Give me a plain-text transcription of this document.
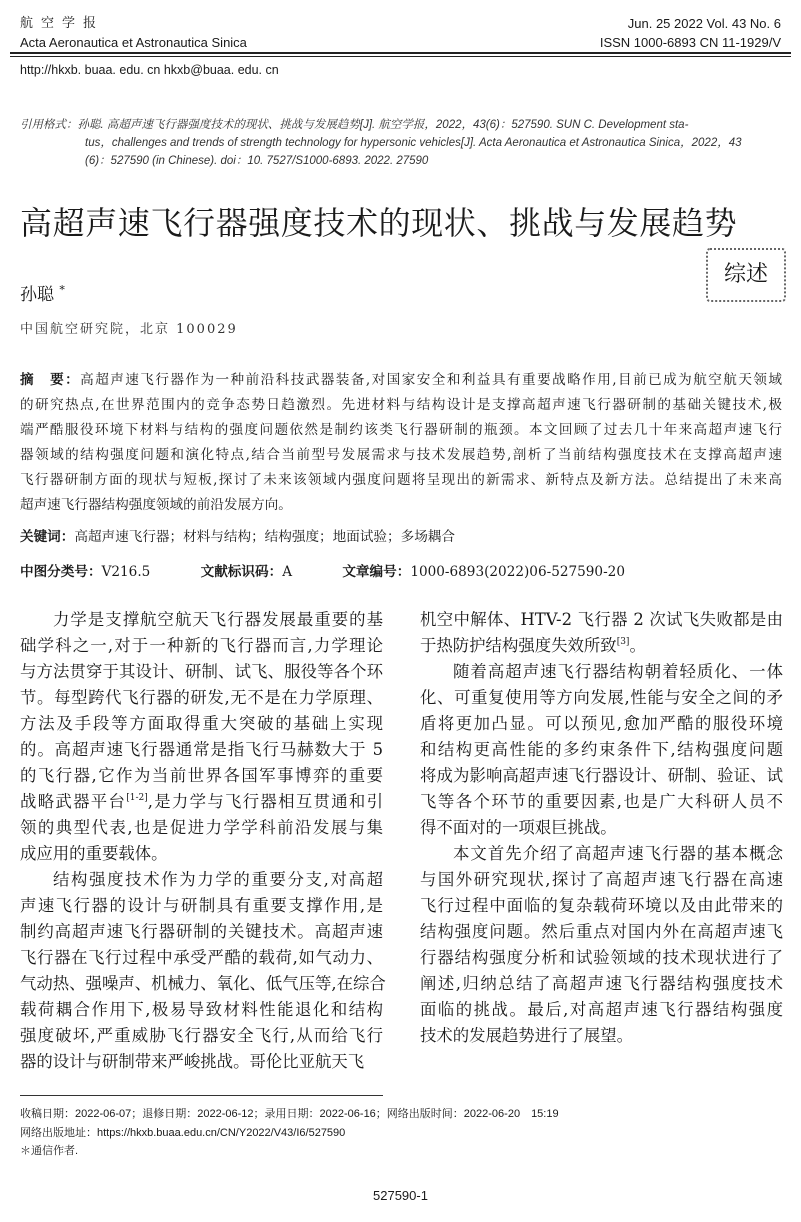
航空学报
Acta Aeronautica et Astronautica Sinica
Jun. 25 2022 Vol. 43 No. 6
ISSN 1000-6893 CN 11-1929/V
http://hkxb. buaa. edu. cn hkxb@buaa. edu. cn
引用格式：孙聪. 高超声速飞行器强度技术的现状、挑战与发展趋势[J]. 航空学报，2022，43(6)：527590. SUN C. Development sta-
tus，challenges and trends of strength technology for hypersonic vehicles[J]. Acta Aeronautica et Astronautica Sinica，2022，43
(6)：527590 (in Chinese). doi：10. 7527/S1000-6893. 2022. 27590
高超声速飞行器强度技术的现状、挑战与发展趋势
孙聪 *
综述
中国航空研究院，北京 100029
摘　要：高超声速飞行器作为一种前沿科技武器装备,对国家安全和利益具有重要战略作用,目前已成为航空航天领域
的研究热点,在世界范围内的竞争态势日趋激烈。先进材料与结构设计是支撑高超声速飞行器研制的基础关键技术,极
端严酷服役环境下材料与结构的强度问题依然是制约该类飞行器研制的瓶颈。本文回顾了过去几十年来高超声速飞行
器领域的结构强度问题和演化特点,结合当前型号发展需求与技术发展趋势,剖析了当前结构强度技术在支撑高超声速
飞行器研制方面的现状与短板,探讨了未来该领域内强度问题将呈现出的新需求、新特点及新方法。总结提出了未来高
超声速飞行器结构强度领域的前沿发展方向。
关键词：高超声速飞行器；材料与结构；结构强度；地面试验；多场耦合
中图分类号：V216.5	文献标识码：A	文章编号：1000-6893(2022)06-527590-20
力学是支撑航空航天飞行器发展最重要的基
础学科之一,对于一种新的飞行器而言,力学理论
与方法贯穿于其设计、研制、试飞、服役等各个环
节。每型跨代飞行器的研发,无不是在力学原理、
方法及手段等方面取得重大突破的基础上实现
的。高超声速飞行器通常是指飞行马赫数大于 5
的飞行器,它作为当前世界各国军事博弈的重要
战略武器平台[1-2],是力学与飞行器相互贯通和引
领的典型代表,也是促进力学学科前沿发展与集
成应用的重要载体。
结构强度技术作为力学的重要分支,对高超
声速飞行器的设计与研制具有重要支撑作用,是
制约高超声速飞行器研制的关键技术。高超声速
飞行器在飞行过程中承受严酷的载荷,如气动力、
气动热、强噪声、机械力、氧化、低气压等,在综合
载荷耦合作用下,极易导致材料性能退化和结构
强度破坏,严重威胁飞行器安全飞行,从而给飞行
器的设计与研制带来严峻挑战。哥伦比亚航天飞
机空中解体、HTV-2 飞行器 2 次试飞失败都是由
于热防护结构强度失效所致[3]。
随着高超声速飞行器结构朝着轻质化、一体
化、可重复使用等方向发展,性能与安全之间的矛
盾将更加凸显。可以预见,愈加严酷的服役环境
和结构更高性能的多约束条件下,结构强度问题
将成为影响高超声速飞行器设计、研制、验证、试
飞等各个环节的重要因素,也是广大科研人员不
得不面对的一项艰巨挑战。
本文首先介绍了高超声速飞行器的基本概念
与国外研究现状,探讨了高超声速飞行器在高速
飞行过程中面临的复杂载荷环境以及由此带来的
结构强度问题。然后重点对国内外在高超声速飞
行器结构强度分析和试验领域的技术现状进行了
阐述,归纳总结了高超声速飞行器结构强度技术
面临的挑战。最后,对高超声速飞行器结构强度
技术的发展趋势进行了展望。
收稿日期：2022-06-07；退修日期：2022-06-12；录用日期：2022-06-16；网络出版时间：2022-06-20　15:19
网络出版地址：https://hkxb.buaa.edu.cn/CN/Y2022/V43/I6/527590
＊通信作者.
527590-1
